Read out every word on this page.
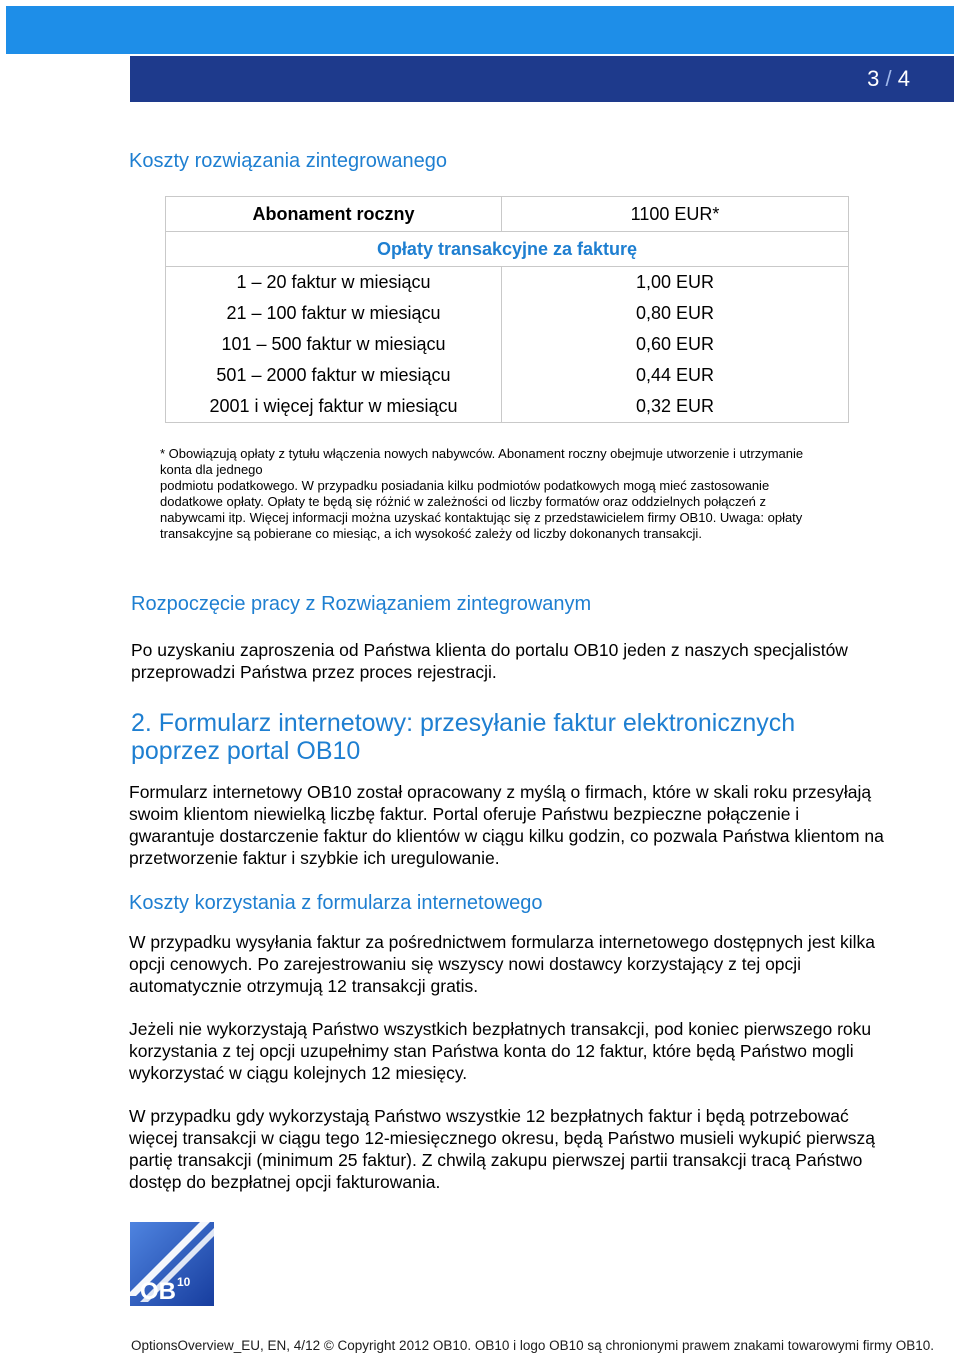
3 / 4
Koszty rozwiązania zintegrowanego
Abonament roczny	1100 EUR*
Opłaty transakcyjne za fakturę	
1 – 20 faktur w miesiącu	1,00 EUR
21 – 100 faktur w miesiącu	0,80 EUR
101 – 500 faktur w miesiącu	0,60 EUR
501 – 2000 faktur w miesiącu	0,44 EUR
2001 i więcej faktur w miesiącu	0,32 EUR
* Obowiązują opłaty z tytułu włączenia nowych nabywców. Abonament roczny obejmuje utworzenie i utrzymanie
konta dla jednego
podmiotu podatkowego. W przypadku posiadania kilku podmiotów podatkowych mogą mieć zastosowanie
dodatkowe opłaty. Opłaty te będą się różnić w zależności od liczby formatów oraz oddzielnych połączeń z
nabywcami itp. Więcej informacji można uzyskać kontaktując się z przedstawicielem firmy OB10. Uwaga: opłaty
transakcyjne są pobierane co miesiąc, a ich wysokość zależy od liczby dokonanych transakcji.
Rozpoczęcie pracy z Rozwiązaniem zintegrowanym

Po uzyskaniu zaproszenia od Państwa klienta do portalu OB10 jeden z naszych specjalistów przeprowadzi Państwa przez proces rejestracji.

2. Formularz internetowy: przesyłanie faktur elektronicznych poprzez portal OB10

Formularz internetowy OB10 został opracowany z myślą o firmach, które w skali roku przesyłają swoim klientom niewielką liczbę faktur. Portal oferuje Państwu bezpieczne połączenie i gwarantuje dostarczenie faktur do klientów w ciągu kilku godzin, co pozwala Państwa klientom na przetworzenie faktur i szybkie ich uregulowanie.

Koszty korzystania z formularza internetowego

W przypadku wysyłania faktur za pośrednictwem formularza internetowego dostępnych jest kilka opcji cenowych. Po zarejestrowaniu się wszyscy nowi dostawcy korzystający z tej opcji automatycznie otrzymują 12 transakcji gratis.

Jeżeli nie wykorzystają Państwo wszystkich bezpłatnych transakcji, pod koniec pierwszego roku korzystania z tej opcji uzupełnimy stan Państwa konta do 12 faktur, które będą Państwo mogli wykorzystać w ciągu kolejnych 12 miesięcy.

W przypadku gdy wykorzystają Państwo wszystkie 12 bezpłatnych faktur i będą potrzebować więcej transakcji w ciągu tego 12-miesięcznego okresu, będą Państwo musieli wykupić pierwszą partię transakcji (minimum 25 faktur). Z chwilą zakupu pierwszej partii transakcji tracą Państwo dostęp do bezpłatnej opcji fakturowania.

OB 10
OptionsOverview_EU, EN, 4/12 © Copyright 2012 OB10. OB10 i logo OB10 są chronionymi prawem znakami towarowymi firmy OB10.
